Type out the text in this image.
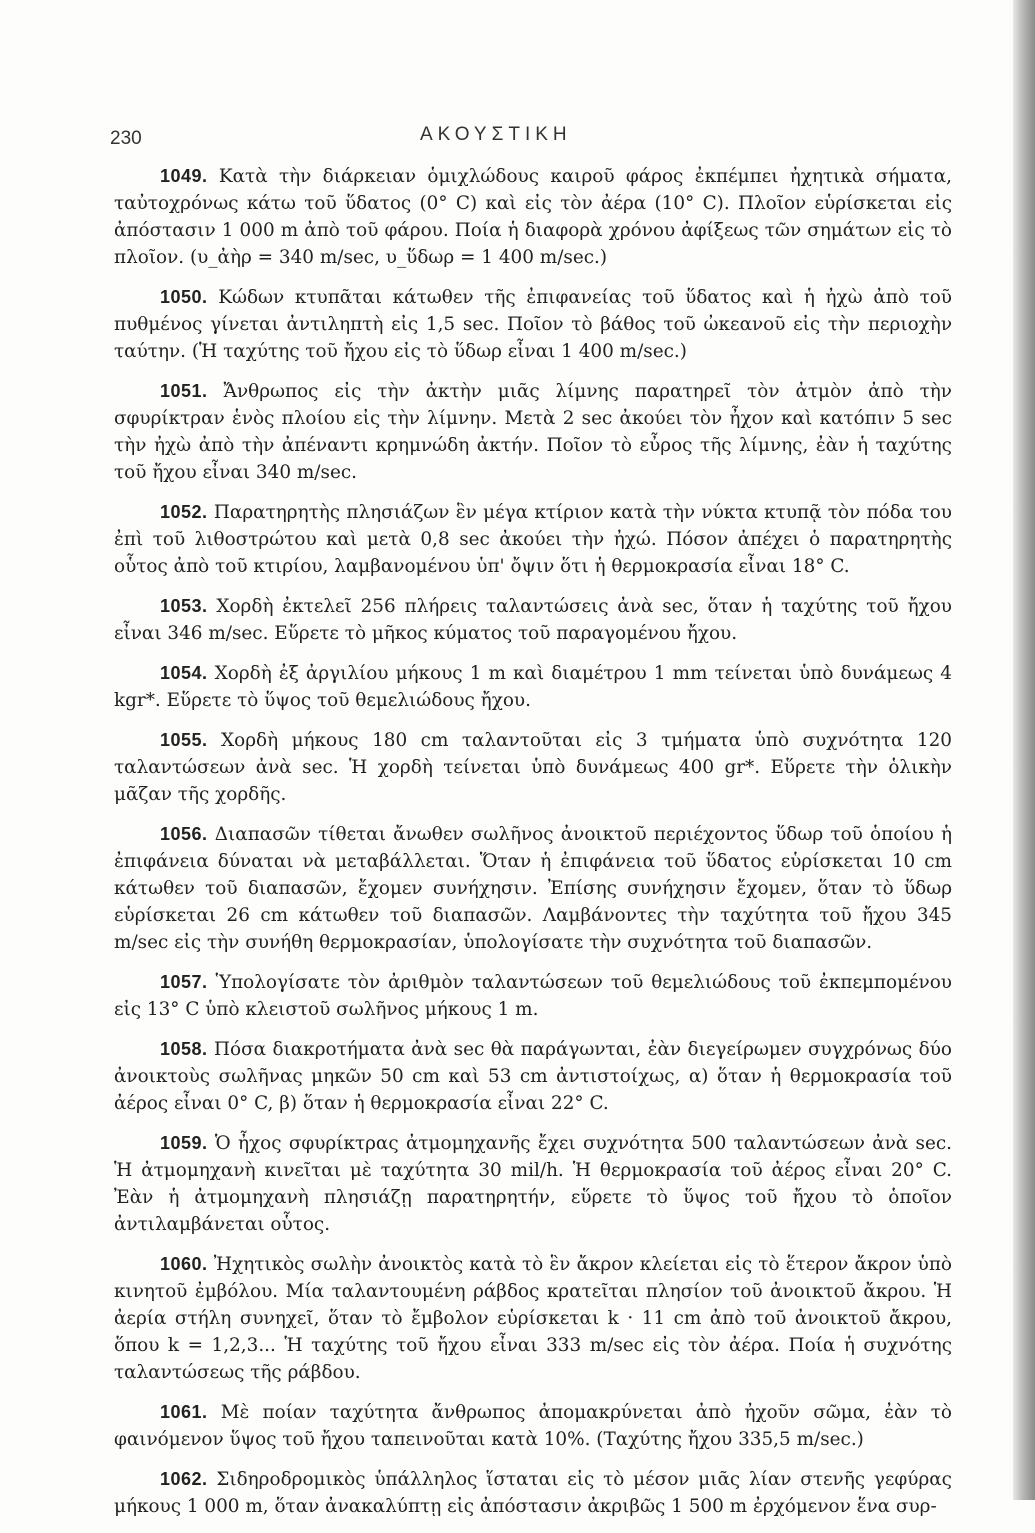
230	ΑΚΟΥΣΤΙΚΗ

1049. Κατὰ τὴν διάρκειαν ὁμιχλώδους καιροῦ φάρος ἐκπέμπει ἠχητικὰ σήματα, ταὐτοχρόνως κάτω τοῦ ὕδατος (0° C) καὶ εἰς τὸν ἀέρα (10° C). Πλοῖον εὑρίσκεται εἰς ἀπόστασιν 1 000 m ἀπὸ τοῦ φάρου. Ποία ἡ διαφορὰ χρόνου ἀφίξεως τῶν σημάτων εἰς τὸ πλοῖον. (υ_ἀὴρ = 340 m/sec, υ_ὕδωρ = 1 400 m/sec.)

1050. Κώδων κτυπᾶται κάτωθεν τῆς ἐπιφανείας τοῦ ὕδατος καὶ ἡ ἠχὼ ἀπὸ τοῦ πυθμένος γίνεται ἀντιληπτὴ εἰς 1,5 sec. Ποῖον τὸ βάθος τοῦ ὠκεανοῦ εἰς τὴν περιοχὴν ταύτην. (Ἡ ταχύτης τοῦ ἤχου εἰς τὸ ὕδωρ εἶναι 1 400 m/sec.)

1051. Ἄνθρωπος εἰς τὴν ἀκτὴν μιᾶς λίμνης παρατηρεῖ τὸν ἀτμὸν ἀπὸ τὴν σφυρίκτραν ἑνὸς πλοίου εἰς τὴν λίμνην. Μετὰ 2 sec ἀκούει τὸν ἦχον καὶ κατόπιν 5 sec τὴν ἠχὼ ἀπὸ τὴν ἀπέναντι κρημνώδη ἀκτήν. Ποῖον τὸ εὖρος τῆς λίμνης, ἐὰν ἡ ταχύτης τοῦ ἤχου εἶναι 340 m/sec.

1052. Παρατηρητὴς πλησιάζων ἓν μέγα κτίριον κατὰ τὴν νύκτα κτυπᾷ τὸν πόδα του ἐπὶ τοῦ λιθοστρώτου καὶ μετὰ 0,8 sec ἀκούει τὴν ἠχώ. Πόσον ἀπέχει ὁ παρατηρητὴς οὗτος ἀπὸ τοῦ κτιρίου, λαμβανομένου ὑπ' ὄψιν ὅτι ἡ θερμοκρασία εἶναι 18° C.

1053. Χορδὴ ἐκτελεῖ 256 πλήρεις ταλαντώσεις ἀνὰ sec, ὅταν ἡ ταχύτης τοῦ ἤχου εἶναι 346 m/sec. Εὕρετε τὸ μῆκος κύματος τοῦ παραγομένου ἤχου.

1054. Χορδὴ ἐξ ἀργιλίου μήκους 1 m καὶ διαμέτρου 1 mm τείνεται ὑπὸ δυνάμεως 4 kgr*. Εὕρετε τὸ ὕψος τοῦ θεμελιώδους ἤχου.

1055. Χορδὴ μήκους 180 cm ταλαντοῦται εἰς 3 τμήματα ὑπὸ συχνότητα 120 ταλαντώσεων ἀνὰ sec. Ἡ χορδὴ τείνεται ὑπὸ δυνάμεως 400 gr*. Εὕρετε τὴν ὁλικὴν μᾶζαν τῆς χορδῆς.

1056. Διαπασῶν τίθεται ἄνωθεν σωλῆνος ἀνοικτοῦ περιέχοντος ὕδωρ τοῦ ὁποίου ἡ ἐπιφάνεια δύναται νὰ μεταβάλλεται. Ὅταν ἡ ἐπιφάνεια τοῦ ὕδατος εὑρίσκεται 10 cm κάτωθεν τοῦ διαπασῶν, ἔχομεν συνήχησιν. Ἐπίσης συνήχησιν ἔχομεν, ὅταν τὸ ὕδωρ εὑρίσκεται 26 cm κάτωθεν τοῦ διαπασῶν. Λαμβάνοντες τὴν ταχύτητα τοῦ ἤχου 345 m/sec εἰς τὴν συνήθη θερμοκρασίαν, ὑπολογίσατε τὴν συχνότητα τοῦ διαπασῶν.

1057. Ὑπολογίσατε τὸν ἀριθμὸν ταλαντώσεων τοῦ θεμελιώδους τοῦ ἐκπεμπομένου εἰς 13° C ὑπὸ κλειστοῦ σωλῆνος μήκους 1 m.

1058. Πόσα διακροτήματα ἀνὰ sec θὰ παράγωνται, ἐὰν διεγείρωμεν συγχρόνως δύο ἀνοικτοὺς σωλῆνας μηκῶν 50 cm καὶ 53 cm ἀντιστοίχως, α) ὅταν ἡ θερμοκρασία τοῦ ἀέρος εἶναι 0° C, β) ὅταν ἡ θερμοκρασία εἶναι 22° C.

1059. Ὁ ἦχος σφυρίκτρας ἀτμομηχανῆς ἔχει συχνότητα 500 ταλαντώσεων ἀνὰ sec. Ἡ ἀτμομηχανὴ κινεῖται μὲ ταχύτητα 30 mil/h. Ἡ θερμοκρασία τοῦ ἀέρος εἶναι 20° C. Ἐὰν ἡ ἀτμομηχανὴ πλησιάζῃ παρατηρητήν, εὕρετε τὸ ὕψος τοῦ ἤχου τὸ ὁποῖον ἀντιλαμβάνεται οὗτος.

1060. Ἠχητικὸς σωλὴν ἀνοικτὸς κατὰ τὸ ἓν ἄκρον κλείεται εἰς τὸ ἕτερον ἄκρον ὑπὸ κινητοῦ ἐμβόλου. Μία ταλαντουμένη ράβδος κρατεῖται πλησίον τοῦ ἀνοικτοῦ ἄκρου. Ἡ ἀερία στήλη συνηχεῖ, ὅταν τὸ ἔμβολον εὑρίσκεται k · 11 cm ἀπὸ τοῦ ἀνοικτοῦ ἄκρου, ὅπου k = 1,2,3... Ἡ ταχύτης τοῦ ἤχου εἶναι 333 m/sec εἰς τὸν ἀέρα. Ποία ἡ συχνότης ταλαντώσεως τῆς ράβδου.

1061. Μὲ ποίαν ταχύτητα ἄνθρωπος ἀπομακρύνεται ἀπὸ ἠχοῦν σῶμα, ἐὰν τὸ φαινόμενον ὕψος τοῦ ἤχου ταπεινοῦται κατὰ 10%. (Ταχύτης ἤχου 335,5 m/sec.)

1062. Σιδηροδρομικὸς ὑπάλληλος ἵσταται εἰς τὸ μέσον μιᾶς λίαν στενῆς γεφύρας μήκους 1 000 m, ὅταν ἀνακαλύπτῃ εἰς ἀπόστασιν ἀκριβῶς 1 500 m ἐρχόμενον ἕνα συρ-
